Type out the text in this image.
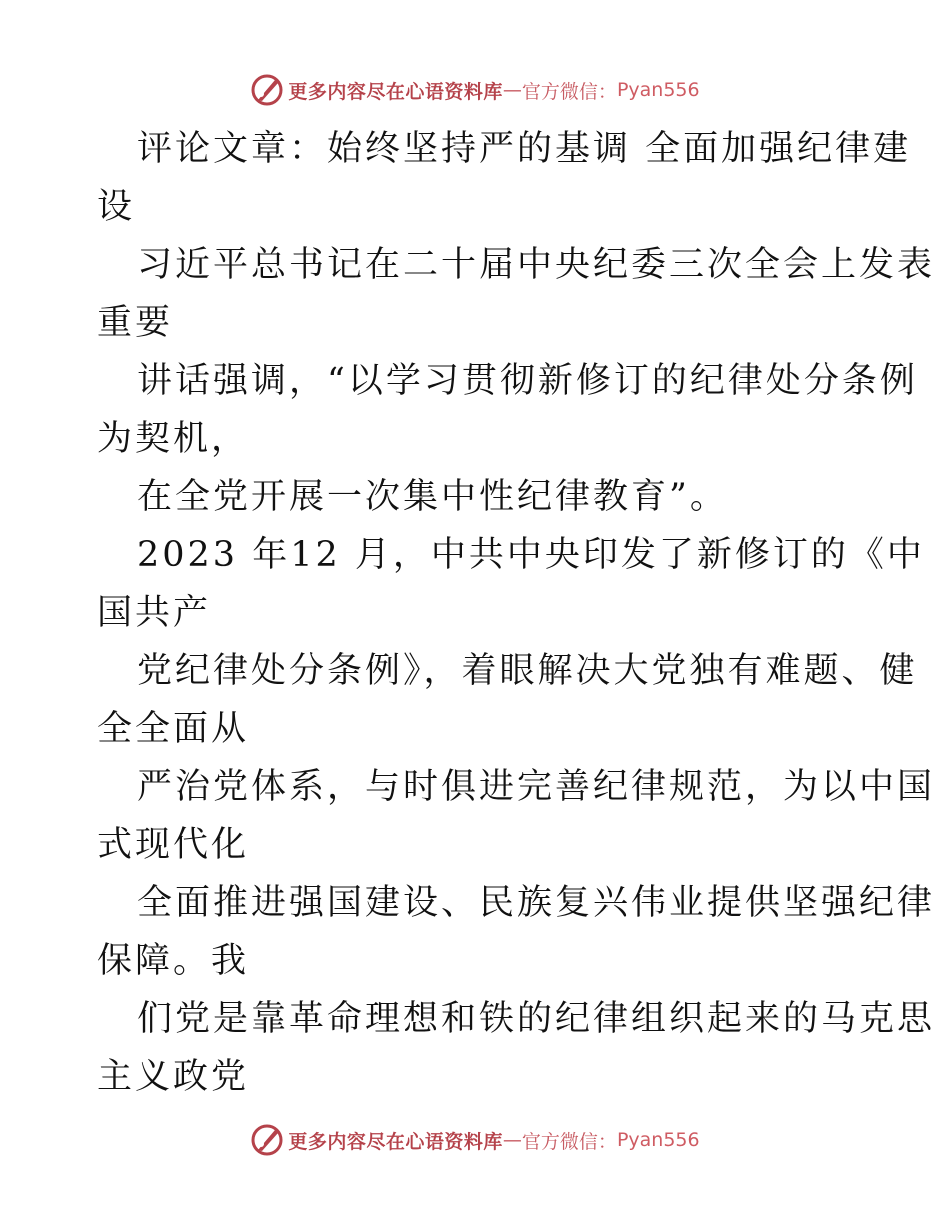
更多内容尽在心语资料库 — 官方微信： Pyan556
评论文章：始终坚持严的基调 全面加强纪律建
设
习近平总书记在二十届中央纪委三次全会上发表
重要
讲话强调，“以学习贯彻新修订的纪律处分条例
为契机，
在全党开展一次集中性纪律教育”。
2023 年12 月，中共中央印发了新修订的《中
国共产
党纪律处分条例》，着眼解决大党独有难题、健
全全面从
严治党体系，与时俱进完善纪律规范，为以中国
式现代化
全面推进强国建设、民族复兴伟业提供坚强纪律
保障。我
们党是靠革命理想和铁的纪律组织起来的马克思
主义政党
更多内容尽在心语资料库 — 官方微信： Pyan556
